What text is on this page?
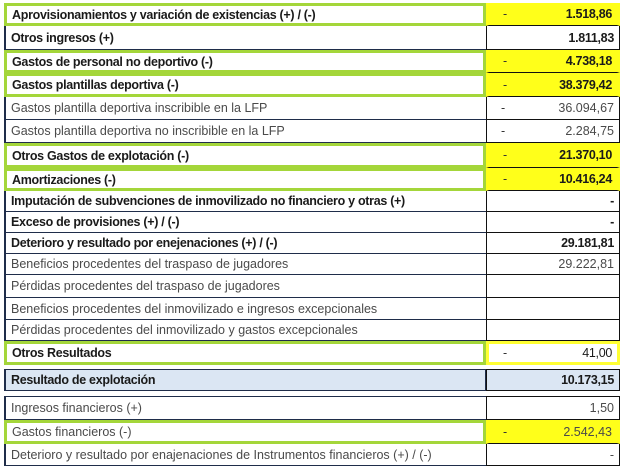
Aprovisionamientos y variación de existencias (+) / (-)	-	1.518,86
Otros ingresos (+)	1.811,83
Gastos de personal no deportivo (-)	-	4.738,18
Gastos plantillas deportiva (-)	-	38.379,42
Gastos plantilla deportiva inscribible en la LFP	-	36.094,67
Gastos plantilla deportiva no inscribible en la LFP	-	2.284,75
Otros Gastos de explotación (-)	-	21.370,10
Amortizaciones (-)	-	10.416,24
Imputación de subvenciones de inmovilizado no financiero y otras (+)	-
Exceso de provisiones (+) / (-)	-
Deterioro y resultado por enejenaciones (+) / (-)	29.181,81
Beneficios procedentes del traspaso de jugadores	29.222,81
Pérdidas procedentes del traspaso de jugadores
Beneficios procedentes del inmovilizado e ingresos excepcionales
Pérdidas procedentes del inmovilizado y gastos excepcionales
Otros Resultados	-	41,00
Resultado de explotación	10.173,15
Ingresos financieros (+)	1,50
Gastos financieros (-)	-	2.542,43
Deterioro y resultado por enajenaciones de Instrumentos financieros (+) / (-)	-
